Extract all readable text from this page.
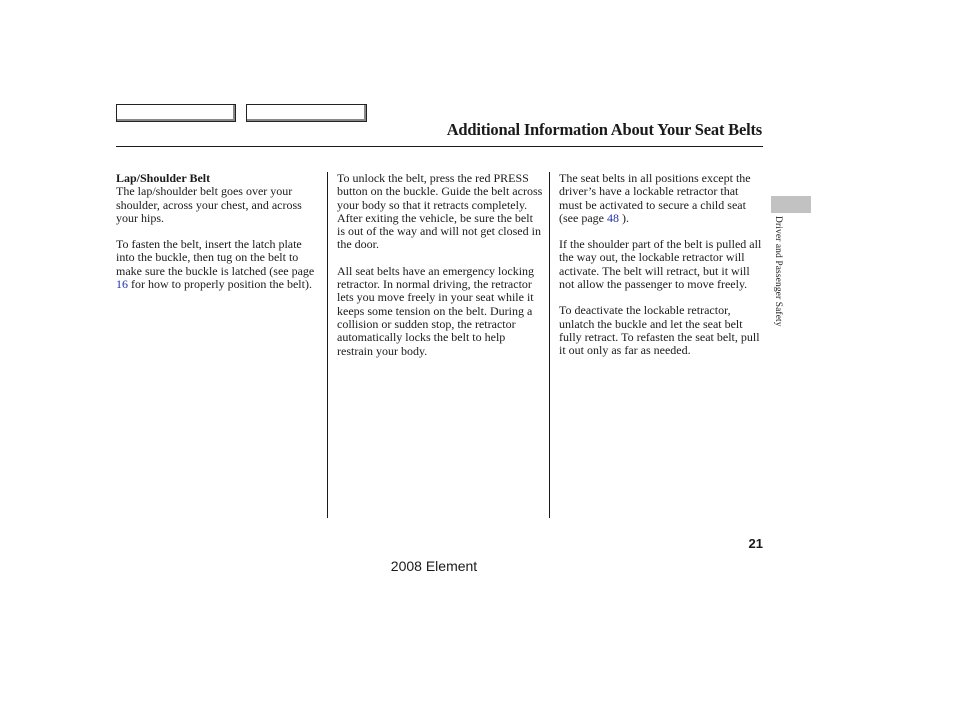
Additional Information About Your Seat Belts
Lap/Shoulder Belt

The lap/shoulder belt goes over your shoulder, across your chest, and across your hips.

To fasten the belt, insert the latch plate into the buckle, then tug on the belt to make sure the buckle is latched (see page 16 for how to properly position the belt).

To unlock the belt, press the red PRESS button on the buckle. Guide the belt across your body so that it retracts completely. After exiting the vehicle, be sure the belt is out of the way and will not get closed in the door.

All seat belts have an emergency locking retractor. In normal driving, the retractor lets you move freely in your seat while it keeps some tension on the belt. During a collision or sudden stop, the retractor automatically locks the belt to help restrain your body.

The seat belts in all positions except the driver’s have a lockable retractor that must be activated to secure a child seat (see page 48 ).

If the shoulder part of the belt is pulled all the way out, the lockable retractor will activate. The belt will retract, but it will not allow the passenger to move freely.

To deactivate the lockable retractor, unlatch the buckle and let the seat belt fully retract. To refasten the seat belt, pull it out only as far as needed.

Driver and Passenger Safety
21
2008 Element
